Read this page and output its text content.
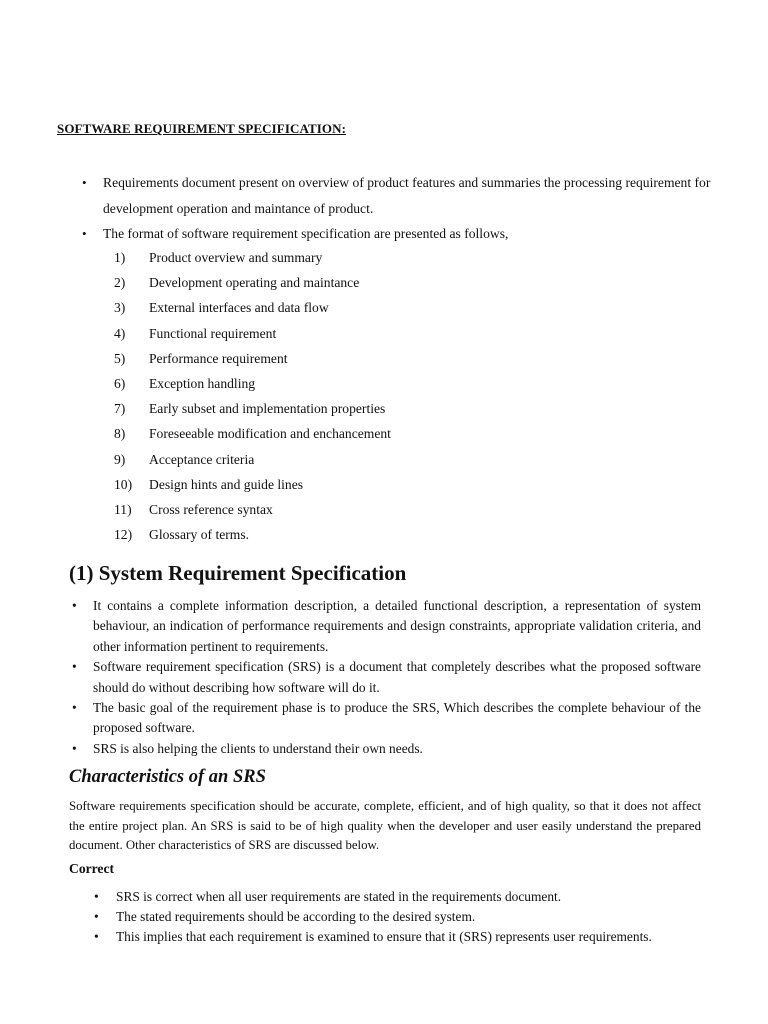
SOFTWARE REQUIREMENT SPECIFICATION:
• Requirements document present on overview of product features and summaries the processing requirement for development operation and maintance of product.
• The format of software requirement specification are presented as follows,
1)	Product overview and summary
2)	Development operating and maintance
3)	External interfaces and data flow
4)	Functional requirement
5)	Performance requirement
6)	Exception handling
7)	Early subset and implementation properties
8)	Foreseeable modification and enchancement
9)	Acceptance criteria
10)	Design hints and guide lines
11)	Cross reference syntax
12)	Glossary of terms.
(1) System Requirement Specification
• It contains a complete information description, a detailed functional description, a representation of system behaviour, an indication of performance requirements and design constraints, appropriate validation criteria, and other information pertinent to requirements.
• Software requirement specification (SRS) is a document that completely describes what the proposed software should do without describing how software will do it.
• The basic goal of the requirement phase is to produce the SRS, Which describes the complete behaviour of the proposed software.
• SRS is also helping the clients to understand their own needs.
Characteristics of an SRS

Software requirements specification should be accurate, complete, efficient, and of high quality, so that it does not affect the entire project plan. An SRS is said to be of high quality when the developer and user easily understand the prepared document. Other characteristics of SRS are discussed below.

Correct
• SRS is correct when all user requirements are stated in the requirements document.
• The stated requirements should be according to the desired system.
• This implies that each requirement is examined to ensure that it (SRS) represents user requirements.
